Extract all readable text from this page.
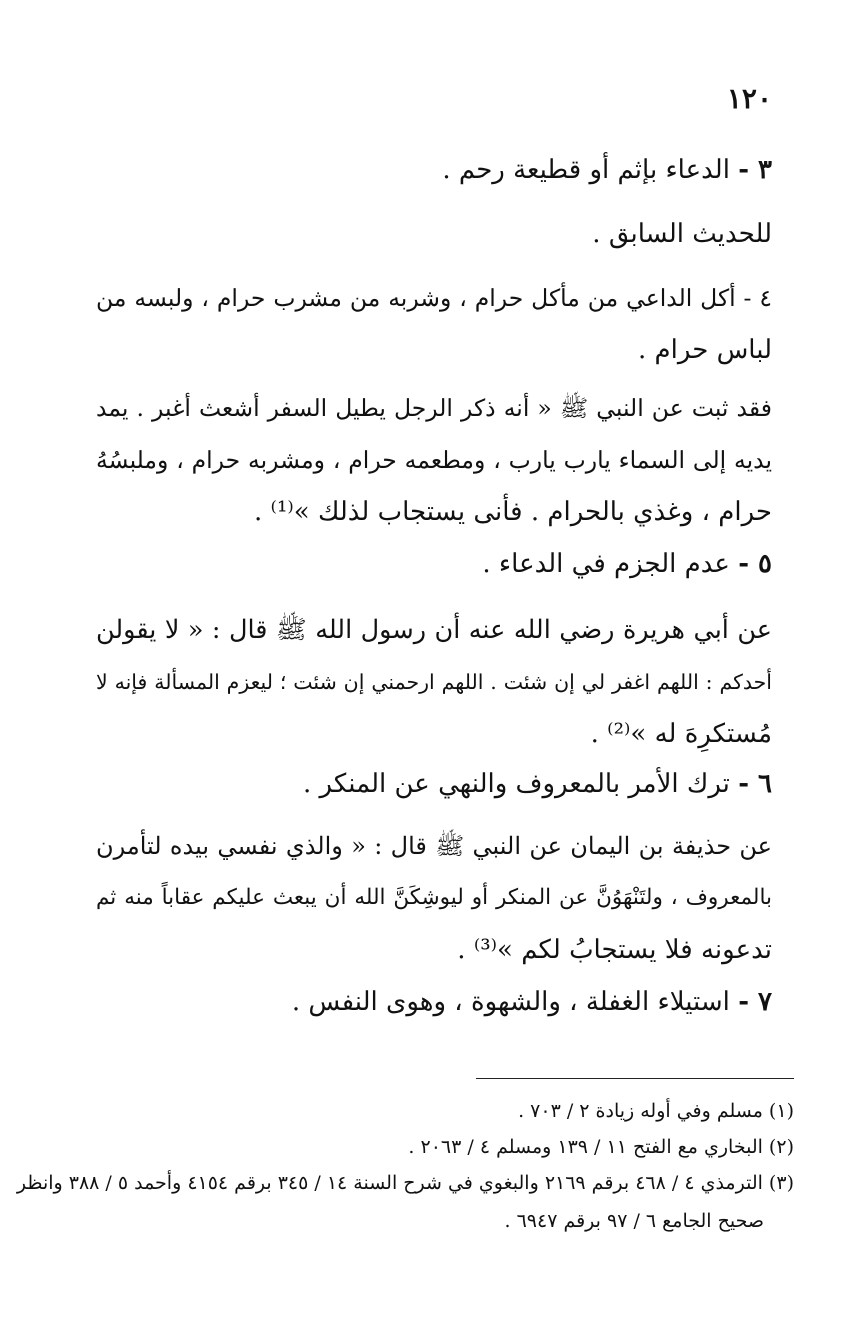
١٢٠
٣ - الدعاء بإثم أو قطيعة رحم .
للحديث السابق .
٤ - أكل الداعي من مأكل حرام ، وشربه من مشرب حرام ، ولبسه من
لباس حرام .
فقد ثبت عن النبي ﷺ « أنه ذكر الرجل يطيل السفر أشعث أغبر . يمد
يديه إلى السماء يارب يارب ، ومطعمه حرام ، ومشربه حرام ، وملبسُهُ
حرام ، وغذي بالحرام . فأنى يستجاب لذلك »⁽¹⁾ .
٥ - عدم الجزم في الدعاء .
عن أبي هريرة رضي الله عنه أن رسول الله ﷺ قال : « لا يقولن
أحدكم : اللهم اغفر لي إن شئت . اللهم ارحمني إن شئت ؛ ليعزم المسألة فإنه لا
مُستكرِهَ له »⁽²⁾ .
٦ - ترك الأمر بالمعروف والنهي عن المنكر .
عن حذيفة بن اليمان عن النبي ﷺ قال : « والذي نفسي بيده لتأمرن
بالمعروف ، ولتَنْهَوُنَّ عن المنكر أو ليوشِكَنَّ الله أن يبعث عليكم عقاباً منه ثم
تدعونه فلا يستجابُ لكم »⁽³⁾ .
٧ - استيلاء الغفلة ، والشهوة ، وهوى النفس .
(١) مسلم وفي أوله زيادة ٢ / ٧٠٣ .
(٢) البخاري مع الفتح ١١ / ١٣٩ ومسلم ٤ / ٢٠٦٣ .
(٣) الترمذي ٤ / ٤٦٨ برقم ٢١٦٩ والبغوي في شرح السنة ١٤ / ٣٤٥ برقم ٤١٥٤ وأحمد ٥ / ٣٨٨ وانظر
صحيح الجامع ٦ / ٩٧ برقم ٦٩٤٧ .
